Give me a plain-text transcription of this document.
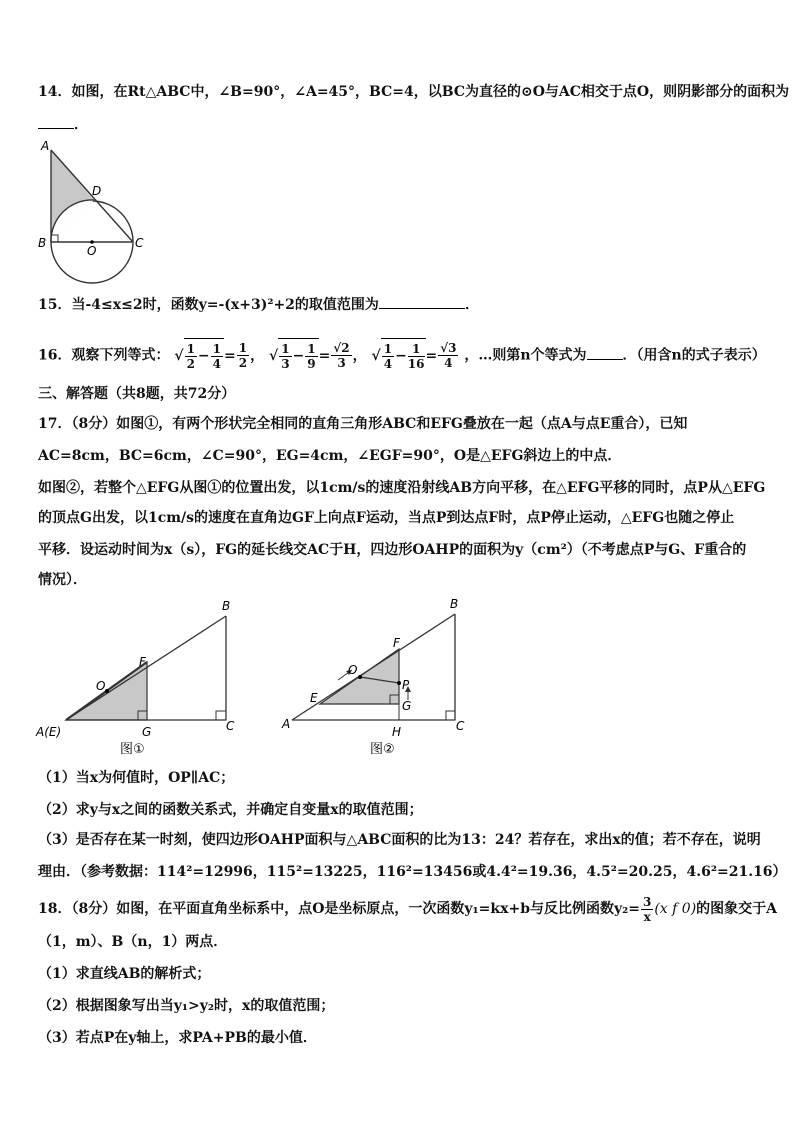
14．如图，在Rt△ABC中，∠B=90°，∠A=45°，BC=4，以BC为直径的⊙O与AC相交于点O，则阴影部分的面积为
．
A
B	C
D
O
15．当-4≤x≤2时，函数y=-(x+3)²+2的取值范围为	．
16．观察下列等式： √ $\frac{1}{2} - \frac{1}{4} = \frac{1}{2}$ ， √ $\frac{1}{3} - \frac{1}{9} = \frac{√2}{3}$ ， √ $\frac{1}{4} - \frac{1}{16} = \frac{√3}{4}$ ，…则第n个等式为	．（用含n的式子表示）
三、解答题（共8题，共72分）
17．（8分）如图①，有两个形状完全相同的直角三角形ABC和EFG叠放在一起（点A与点E重合），已知
AC=8cm，BC=6cm，∠C=90°，EG=4cm，∠EGF=90°，O是△EFG斜边上的中点．
如图②，若整个△EFG从图①的位置出发，以1cm/s的速度沿射线AB方向平移，在△EFG平移的同时，点P从△EFG
的顶点G出发，以1cm/s的速度在直角边GF上向点F运动，当点P到达点F时，点P停止运动，△EFG也随之停止
平移．设运动时间为x（s），FG的延长线交AC于H，四边形OAHP的面积为y（cm²）（不考虑点P与G、F重合的
情况）．
B
F
O
A(E)	G	C
图①
B
F
O
P
E
G
A
H	C
图②
（1）当x为何值时，OP∥AC；
（2）求y与x之间的函数关系式，并确定自变量x的取值范围；
（3）是否存在某一时刻，使四边形OAHP面积与△ABC面积的比为13：24？若存在，求出x的值；若不存在，说明
理由．（参考数据：114²=12996，115²=13225，116²=13456或4.4²=19.36，4.5²=20.25，4.6²=21.16）
18．（8分）如图，在平面直角坐标系中，点O是坐标原点，一次函数y₁=kx+b与反比例函数$y_2= \frac{3}{x} (x$ f 0)的图象交于A
（1，m）、B（n，1）两点．
（1）求直线AB的解析式；
（2）根据图象写出当y₁>y₂时，x的取值范围；
（3）若点P在y轴上，求PA+PB的最小值．
